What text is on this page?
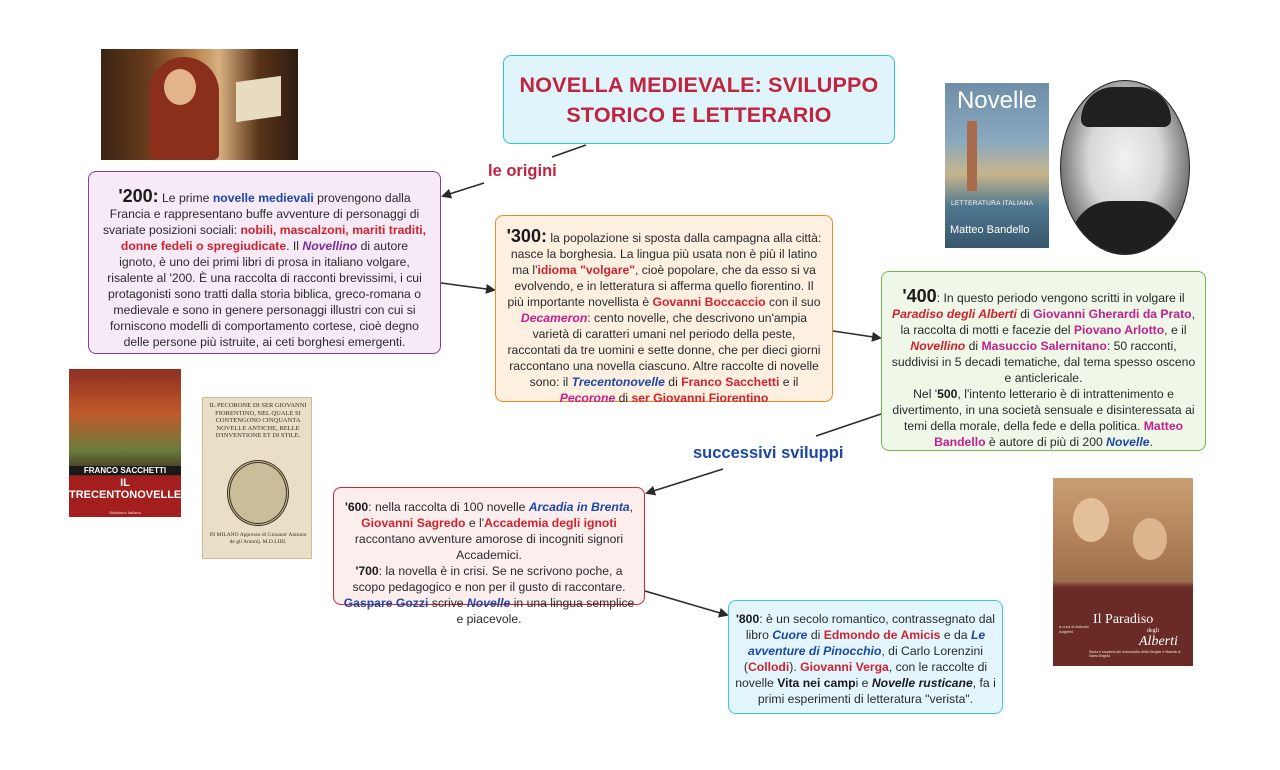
NOVELLA MEDIEVALE: SVILUPPO
STORICO E LETTERARIO
le origini
successivi sviluppi
'200: Le prime novelle medievali provengono dalla Francia e rappresentano buffe avventure di personaggi di svariate posizioni sociali: nobili, mascalzoni, mariti traditi, donne fedeli o spregiudicate. Il Novellino di autore ignoto, è uno dei primi libri di prosa in italiano volgare, risalente al '200. È una raccolta di racconti brevissimi, i cui protagonisti sono tratti dalla storia biblica, greco-romana o medievale e sono in genere personaggi illustri con cui si forniscono modelli di comportamento cortese, cioè degno delle persone più istruite, ai ceti borghesi emergenti.
'300: la popolazione si sposta dalla campagna alla città: nasce la borghesia. La lingua più usata non è più il latino ma l'idioma "volgare", cioè popolare, che da esso si va evolvendo, e in letteratura si afferma quello fiorentino. Il più importante novellista è Govanni Boccaccio con il suo Decameron: cento novelle, che descrivono un'ampia varietà di caratteri umani nel periodo della peste, raccontati da tre uomini e sette donne, che per dieci giorni raccontano una novella ciascuno. Altre raccolte di novelle sono: il Trecentonovelle di Franco Sacchetti e il Pecorone di ser Giovanni Fiorentino
'400: In questo periodo vengono scritti in volgare il Paradiso degli Alberti di Giovanni Gherardi da Prato, la raccolta di motti e facezie del Piovano Arlotto, e il Novellino di Masuccio Salernitano: 50 racconti, suddivisi in 5 decadi tematiche, dal tema spesso osceno e anticlericale.
Nel '500, l'intento letterario è di intrattenimento e divertimento, in una società sensuale e disinteressata ai temi della morale, della fede e della politica. Matteo Bandello è autore di più di 200 Novelle.
'600: nella raccolta di 100 novelle Arcadia in Brenta, Giovanni Sagredo e l'Accademia degli ignoti raccontano avventure amorose di incogniti signori Accademici.
'700: la novella è in crisi. Se ne scrivono poche, a scopo pedagogico e non per il gusto di raccontare. Gaspare Gozzi scrive Novelle in una lingua semplice e piacevole.	'800: è un secolo romantico, contrassegnato dal libro Cuore di Edmondo de Amicis e da Le avventure di Pinocchio, di Carlo Lorenzini (Collodi). Giovanni Verga, con le raccolte di novelle Vita nei campi e Novelle rusticane, fa i primi esperimenti di letteratura "verista".
Novelle
LETTERATURA ITALIANA
Matteo Bandello
FRANCO SACCHETTI
IL
TRECENTONOVELLE
Biblioteca Italiana
IL PECORONE DI SER GIOVANNI FIORENTINO, NEL QUALE SI CONTENGONO CINQUANTA NOVELLE ANTICHE, BELLE D'INVENTIONE ET DI STILE.
IN MILANO Appresso di Giouann' Antonio de gli Antonij. M.D.LIIII.
Il Paradiso
degli
Alberti
a cura di Antonio Angelini
Storia e scoperta del manoscritto della Vergine e Maestà di Santa Brigida
